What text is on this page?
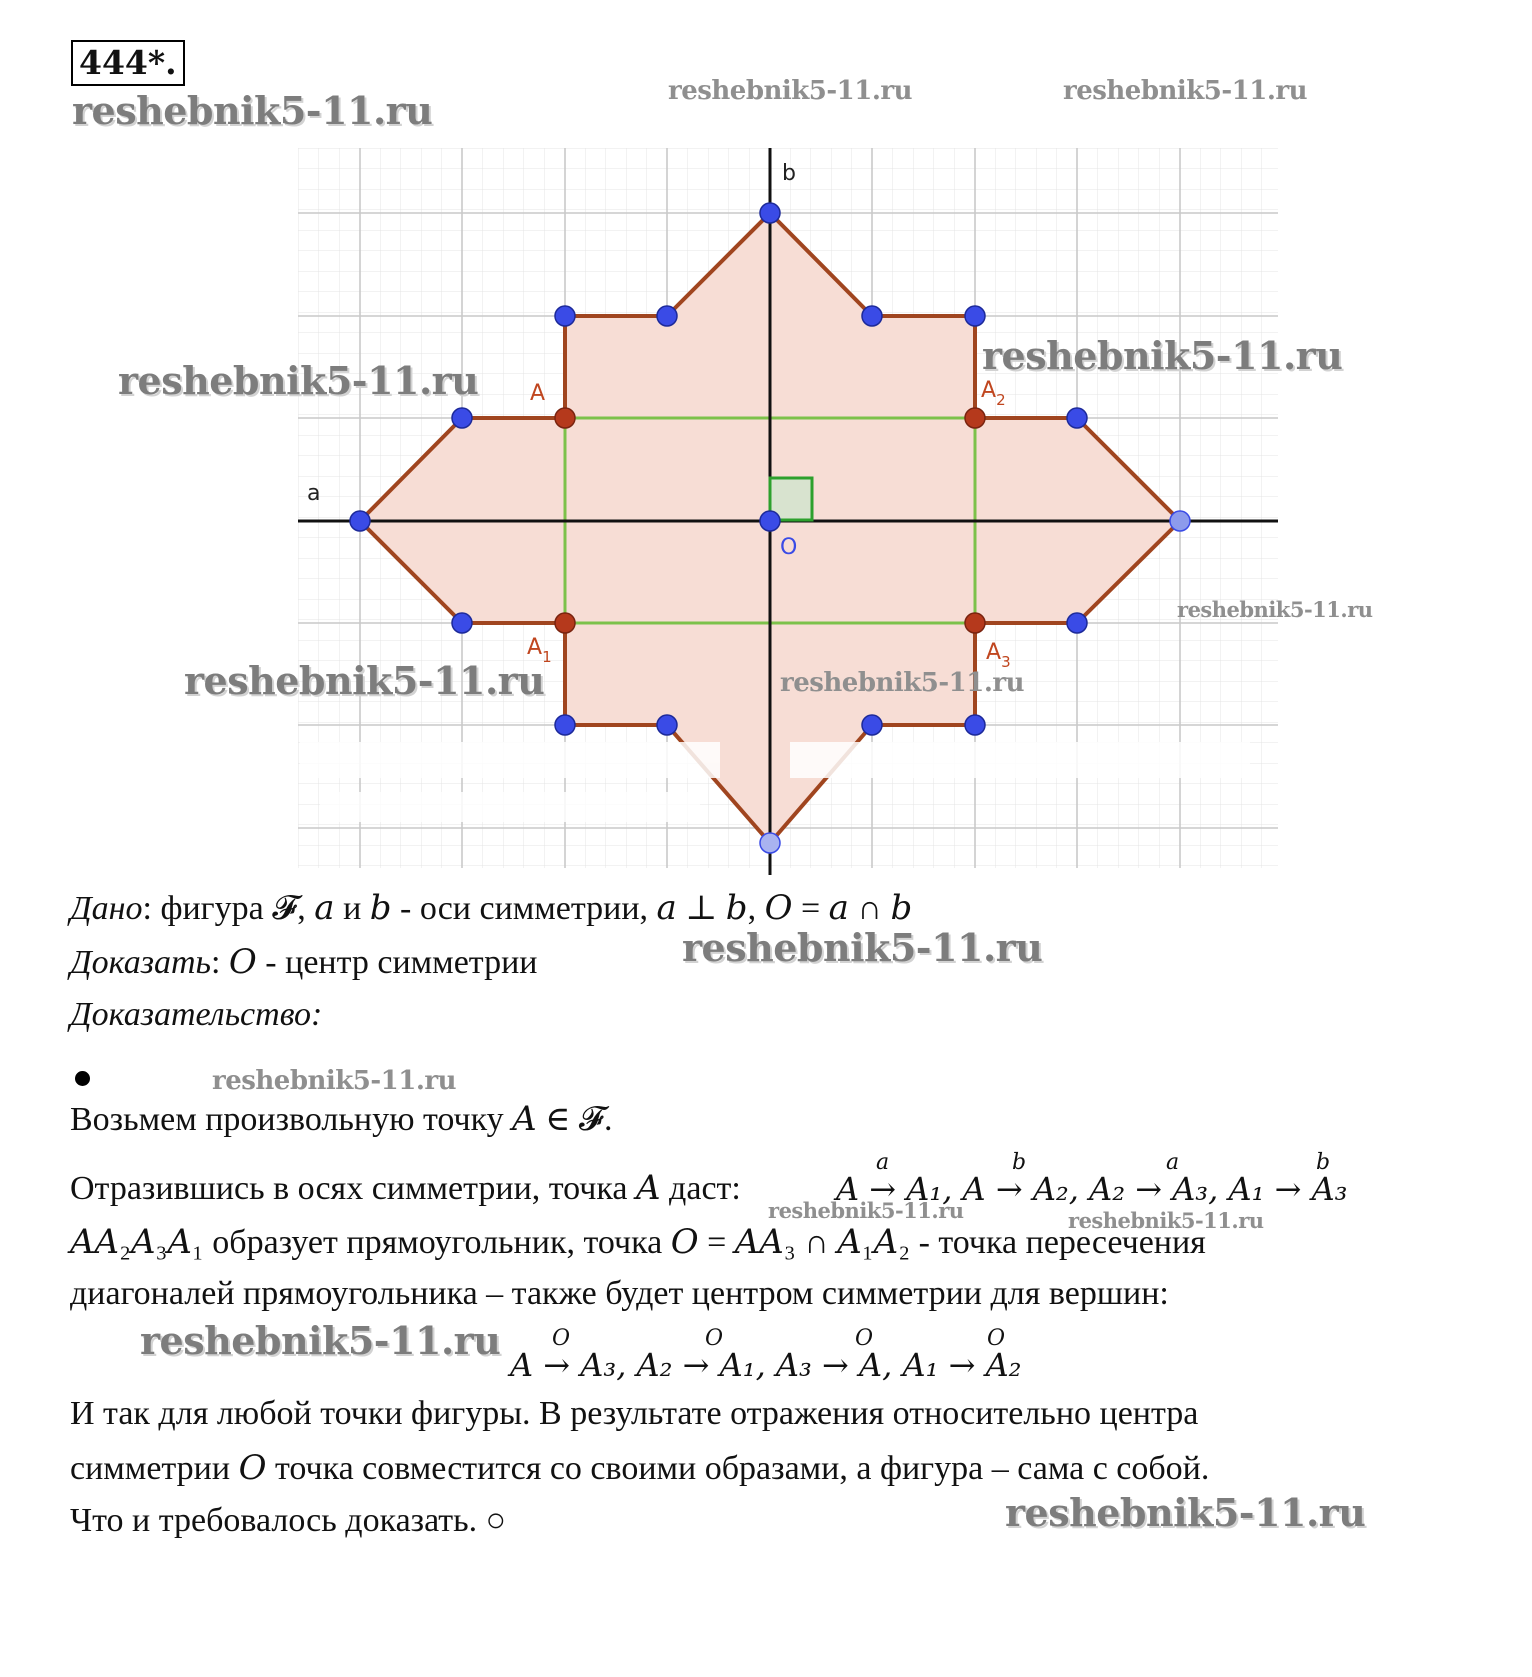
444*.
reshebnik5-11.ru	reshebnik5-11.ru	reshebnik5-11.ru
b
a
O
A
$A_1$
$A_2$
$A_3$
reshebnik5-11.ru
reshebnik5-11.ru
reshebnik5-11.ru
reshebnik5-11.ru	reshebnik5-11.ru
Дано: фигура 𝓕, 𝑎 и 𝑏 - оси симметрии, 𝑎 ⊥ 𝑏, 𝑂 = 𝑎 ∩ 𝑏
reshebnik5-11.ru
Доказать: 𝑂 - центр симметрии
Доказательство:
reshebnik5-11.ru
Возьмем произвольную точку 𝐴 ∈ 𝓕.
Отразившись в осях симметрии, точка 𝐴 даст:	𝐴 → 𝐴₁, 𝐴 → 𝐴₂, 𝐴₂ → 𝐴₃, 𝐴₁ → 𝐴₃
a	b	a	b
reshebnik5-11.ru	reshebnik5-11.ru
𝐴𝐴₂𝐴₃𝐴₁ образует прямоугольник, точка 𝑂 = 𝐴𝐴₃ ∩ 𝐴₁𝐴₂ - точка пересечения
диагоналей прямоугольника – также будет центром симметрии для вершин:
reshebnik5-11.ru
𝐴 → 𝐴₃, 𝐴₂ → 𝐴₁, 𝐴₃ → 𝐴, 𝐴₁ → 𝐴₂
O	O	O	O
И так для любой точки фигуры. В результате отражения относительно центра
симметрии 𝑂 точка совместится со своими образами, а фигура – сама с собой.
Что и требовалось доказать. ○	reshebnik5-11.ru
